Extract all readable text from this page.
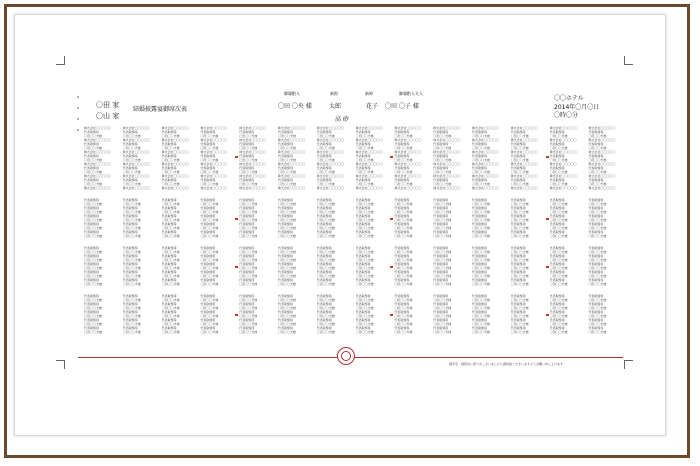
〇田 家
〇山 家
結婚披露宴御席次表
御媒酌人	新郎	新婦	御媒酌人夫人
〇田 〇央 様	太郎	花子 〇田 〇子 様
高 砂
〇〇ホテル
2014年〇月〇日
〇時〇分
株式会社〇〇〇〇〇
代表取締役
〇田〇〇夫様
株式会社〇〇〇〇〇
代表取締役
〇田〇〇夫様
株式会社〇〇〇〇〇
代表取締役
〇田〇〇夫様
株式会社〇〇〇〇〇
代表取締役
〇田〇〇夫様
株式会社〇〇〇〇〇
代表取締役
〇田〇〇夫様
株式会社〇〇〇〇〇
株式会社〇〇〇〇〇
代表取締役
〇田〇〇夫様
株式会社〇〇〇〇〇
代表取締役
〇田〇〇夫様
株式会社〇〇〇〇〇
代表取締役
〇田〇〇夫様
株式会社〇〇〇〇〇
代表取締役
〇田〇〇夫様
株式会社〇〇〇〇〇
代表取締役
〇田〇〇夫様
株式会社〇〇〇〇〇
株式会社〇〇〇〇〇
代表取締役
〇田〇〇夫様
株式会社〇〇〇〇〇
代表取締役
〇田〇〇夫様
株式会社〇〇〇〇〇
代表取締役
〇田〇〇夫様
株式会社〇〇〇〇〇
代表取締役
〇田〇〇夫様
株式会社〇〇〇〇〇
代表取締役
〇田〇〇夫様
株式会社〇〇〇〇〇
株式会社〇〇〇〇〇
代表取締役
〇田〇〇夫様
株式会社〇〇〇〇〇
代表取締役
〇田〇〇夫様
株式会社〇〇〇〇〇
代表取締役
〇田〇〇夫様
株式会社〇〇〇〇〇
代表取締役
〇田〇〇夫様
株式会社〇〇〇〇〇
代表取締役
〇田〇〇夫様
株式会社〇〇〇〇〇
株式会社〇〇〇〇〇
代表取締役
〇田〇〇夫様
株式会社〇〇〇〇〇
代表取締役
〇田〇〇夫様
株式会社〇〇〇〇〇
代表取締役
〇田〇〇夫様
株式会社〇〇〇〇〇
代表取締役
〇田〇〇夫様
株式会社〇〇〇〇〇
代表取締役
〇田〇〇夫様
株式会社〇〇〇〇〇
株式会社〇〇〇〇〇
代表取締役
〇田〇〇夫様
株式会社〇〇〇〇〇
代表取締役
〇田〇〇夫様
株式会社〇〇〇〇〇
代表取締役
〇田〇〇夫様
株式会社〇〇〇〇〇
代表取締役
〇田〇〇夫様
株式会社〇〇〇〇〇
代表取締役
〇田〇〇夫様
株式会社〇〇〇〇〇
株式会社〇〇〇〇〇
代表取締役
〇田〇〇夫様
株式会社〇〇〇〇〇
代表取締役
〇田〇〇夫様
株式会社〇〇〇〇〇
代表取締役
〇田〇〇夫様
株式会社〇〇〇〇〇
代表取締役
〇田〇〇夫様
株式会社〇〇〇〇〇
代表取締役
〇田〇〇夫様
株式会社〇〇〇〇〇
株式会社〇〇〇〇〇
代表取締役
〇田〇〇夫様
株式会社〇〇〇〇〇
代表取締役
〇田〇〇夫様
株式会社〇〇〇〇〇
代表取締役
〇田〇〇夫様
株式会社〇〇〇〇〇
代表取締役
〇田〇〇夫様
株式会社〇〇〇〇〇
代表取締役
〇田〇〇夫様
株式会社〇〇〇〇〇
株式会社〇〇〇〇〇
代表取締役
〇田〇〇夫様
株式会社〇〇〇〇〇
代表取締役
〇田〇〇夫様
株式会社〇〇〇〇〇
代表取締役
〇田〇〇夫様
株式会社〇〇〇〇〇
代表取締役
〇田〇〇夫様
株式会社〇〇〇〇〇
代表取締役
〇田〇〇夫様
株式会社〇〇〇〇〇
株式会社〇〇〇〇〇
代表取締役
〇田〇〇夫様
株式会社〇〇〇〇〇
代表取締役
〇田〇〇夫様
株式会社〇〇〇〇〇
代表取締役
〇田〇〇夫様
株式会社〇〇〇〇〇
代表取締役
〇田〇〇夫様
株式会社〇〇〇〇〇
代表取締役
〇田〇〇夫様
株式会社〇〇〇〇〇
株式会社〇〇〇〇〇
代表取締役
〇田〇〇夫様
株式会社〇〇〇〇〇
代表取締役
〇田〇〇夫様
株式会社〇〇〇〇〇
代表取締役
〇田〇〇夫様
株式会社〇〇〇〇〇
代表取締役
〇田〇〇夫様
株式会社〇〇〇〇〇
代表取締役
〇田〇〇夫様
株式会社〇〇〇〇〇
株式会社〇〇〇〇〇
代表取締役
〇田〇〇夫様
株式会社〇〇〇〇〇
代表取締役
〇田〇〇夫様
株式会社〇〇〇〇〇
代表取締役
〇田〇〇夫様
株式会社〇〇〇〇〇
代表取締役
〇田〇〇夫様
株式会社〇〇〇〇〇
代表取締役
〇田〇〇夫様
株式会社〇〇〇〇〇
株式会社〇〇〇〇〇
代表取締役
〇田〇〇夫様
株式会社〇〇〇〇〇
代表取締役
〇田〇〇夫様
株式会社〇〇〇〇〇
代表取締役
〇田〇〇夫様
株式会社〇〇〇〇〇
代表取締役
〇田〇〇夫様
株式会社〇〇〇〇〇
代表取締役
〇田〇〇夫様
株式会社〇〇〇〇〇
株式会社〇〇〇〇〇
代表取締役
〇田〇〇夫様
株式会社〇〇〇〇〇
代表取締役
〇田〇〇夫様
株式会社〇〇〇〇〇
代表取締役
〇田〇〇夫様
株式会社〇〇〇〇〇
代表取締役
〇田〇〇夫様
株式会社〇〇〇〇〇
代表取締役
〇田〇〇夫様
株式会社〇〇〇〇〇
代表取締役
〇田〇〇夫様
代表取締役
〇田〇〇夫様
代表取締役
〇田〇〇夫様
代表取締役
〇田〇〇夫様
代表取締役
〇田〇〇夫様
代表取締役
〇田〇〇夫様
代表取締役
〇田〇〇夫様
代表取締役
〇田〇〇夫様
代表取締役
〇田〇〇夫様
代表取締役
〇田〇〇夫様
代表取締役
〇田〇〇夫様
代表取締役
〇田〇〇夫様
代表取締役
〇田〇〇夫様
代表取締役
〇田〇〇夫様
代表取締役
〇田〇〇夫様
代表取締役
〇田〇〇夫様
代表取締役
〇田〇〇夫様
代表取締役
〇田〇〇夫様
代表取締役
〇田〇〇夫様
代表取締役
〇田〇〇夫様
代表取締役
〇田〇〇夫様
代表取締役
〇田〇〇夫様
代表取締役
〇田〇〇夫様
代表取締役
〇田〇〇夫様
代表取締役
〇田〇〇夫様
代表取締役
〇田〇〇夫様
代表取締役
〇田〇〇夫様
代表取締役
〇田〇〇夫様
代表取締役
〇田〇〇夫様
代表取締役
〇田〇〇夫様
代表取締役
〇田〇〇夫様
代表取締役
〇田〇〇夫様
代表取締役
〇田〇〇夫様
代表取締役
〇田〇〇夫様
代表取締役
〇田〇〇夫様
代表取締役
〇田〇〇夫様
代表取締役
〇田〇〇夫様
代表取締役
〇田〇〇夫様
代表取締役
〇田〇〇夫様
代表取締役
〇田〇〇夫様
代表取締役
〇田〇〇夫様
代表取締役
〇田〇〇夫様
代表取締役
〇田〇〇夫様
代表取締役
〇田〇〇夫様
代表取締役
〇田〇〇夫様
代表取締役
〇田〇〇夫様
代表取締役
〇田〇〇夫様
代表取締役
〇田〇〇夫様
代表取締役
〇田〇〇夫様
代表取締役
〇田〇〇夫様
代表取締役
〇田〇〇夫様
代表取締役
〇田〇〇夫様
代表取締役
〇田〇〇夫様
代表取締役
〇田〇〇夫様
代表取締役
〇田〇〇夫様
代表取締役
〇田〇〇夫様
代表取締役
〇田〇〇夫様
代表取締役
〇田〇〇夫様
代表取締役
〇田〇〇夫様
代表取締役
〇田〇〇夫様
代表取締役
〇田〇〇夫様
代表取締役
〇田〇〇夫様
代表取締役
〇田〇〇夫様
代表取締役
〇田〇〇夫様
代表取締役
〇田〇〇夫様
代表取締役
〇田〇〇夫様
代表取締役
〇田〇〇夫様
代表取締役
〇田〇〇夫様
代表取締役
〇田〇〇夫様
代表取締役
〇田〇〇夫様
代表取締役
〇田〇〇夫様
代表取締役
〇田〇〇夫様
代表取締役
〇田〇〇夫様
代表取締役
〇田〇〇夫様
代表取締役
〇田〇〇夫様
代表取締役
〇田〇〇夫様
代表取締役
〇田〇〇夫様
代表取締役
〇田〇〇夫様
代表取締役
〇田〇〇夫様
代表取締役
〇田〇〇夫様
代表取締役
〇田〇〇夫様
代表取締役
〇田〇〇夫様
代表取締役
〇田〇〇夫様
代表取締役
〇田〇〇夫様
代表取締役
〇田〇〇夫様
代表取締役
〇田〇〇夫様
代表取締役
〇田〇〇夫様
代表取締役
〇田〇〇夫様
代表取締役
〇田〇〇夫様
代表取締役
〇田〇〇夫様
代表取締役
〇田〇〇夫様
代表取締役
〇田〇〇夫様
代表取締役
〇田〇〇夫様
代表取締役
〇田〇〇夫様
代表取締役
〇田〇〇夫様
代表取締役
〇田〇〇夫様
代表取締役
〇田〇〇夫様
代表取締役
〇田〇〇夫様
代表取締役
〇田〇〇夫様
代表取締役
〇田〇〇夫様
代表取締役
〇田〇〇夫様
代表取締役
〇田〇〇夫様
代表取締役
〇田〇〇夫様
代表取締役
〇田〇〇夫様
代表取締役
〇田〇〇夫様
代表取締役
〇田〇〇夫様
代表取締役
〇田〇〇夫様
代表取締役
〇田〇〇夫様
代表取締役
〇田〇〇夫様
代表取締役
〇田〇〇夫様
代表取締役
〇田〇〇夫様
代表取締役
〇田〇〇夫様
代表取締役
〇田〇〇夫様
代表取締役
〇田〇〇夫様
代表取締役
〇田〇〇夫様
代表取締役
〇田〇〇夫様
代表取締役
〇田〇〇夫様
代表取締役
〇田〇〇夫様
代表取締役
〇田〇〇夫様
代表取締役
〇田〇〇夫様
代表取締役
〇田〇〇夫様
代表取締役
〇田〇〇夫様
代表取締役
〇田〇〇夫様
代表取締役
〇田〇〇夫様
代表取締役
〇田〇〇夫様
代表取締役
〇田〇〇夫様
代表取締役
〇田〇〇夫様
代表取締役
〇田〇〇夫様
代表取締役
〇田〇〇夫様
代表取締役
〇田〇〇夫様
代表取締役
〇田〇〇夫様
代表取締役
〇田〇〇夫様
代表取締役
〇田〇〇夫様
代表取締役
〇田〇〇夫様
代表取締役
〇田〇〇夫様
代表取締役
〇田〇〇夫様
代表取締役
〇田〇〇夫様
代表取締役
〇田〇〇夫様
代表取締役
〇田〇〇夫様
代表取締役
〇田〇〇夫様
代表取締役
〇田〇〇夫様
代表取締役
〇田〇〇夫様
代表取締役
〇田〇〇夫様
代表取締役
〇田〇〇夫様
代表取締役
〇田〇〇夫様
代表取締役
〇田〇〇夫様
代表取締役
〇田〇〇夫様
代表取締役
〇田〇〇夫様
代表取締役
〇田〇〇夫様
代表取締役
〇田〇〇夫様
代表取締役
〇田〇〇夫様
代表取締役
〇田〇〇夫様
代表取締役
〇田〇〇夫様
代表取締役
〇田〇〇夫様
代表取締役
〇田〇〇夫様
代表取締役
〇田〇〇夫様
代表取締役
〇田〇〇夫様
代表取締役
〇田〇〇夫様
代表取締役
〇田〇〇夫様
代表取締役
〇田〇〇夫様
代表取締役
〇田〇〇夫様
代表取締役
〇田〇〇夫様
代表取締役
〇田〇〇夫様
代表取締役
〇田〇〇夫様
代表取締役
〇田〇〇夫様
代表取締役
〇田〇〇夫様
代表取締役
〇田〇〇夫様
代表取締役
〇田〇〇夫様
代表取締役
〇田〇〇夫様
代表取締役
〇田〇〇夫様
代表取締役
〇田〇〇夫様
代表取締役
〇田〇〇夫様
代表取締役
〇田〇〇夫様
代表取締役
〇田〇〇夫様
代表取締役
〇田〇〇夫様
代表取締役
〇田〇〇夫様
代表取締役
〇田〇〇夫様
代表取締役
〇田〇〇夫様
代表取締役
〇田〇〇夫様
代表取締役
〇田〇〇夫様
代表取締役
〇田〇〇夫様
代表取締役
〇田〇〇夫様
代表取締役
〇田〇〇夫様
代表取締役
〇田〇〇夫様
代表取締役
〇田〇〇夫様
代表取締役
〇田〇〇夫様
代表取締役
〇田〇〇夫様
代表取締役
〇田〇〇夫様
代表取締役
〇田〇〇夫様
代表取締役
〇田〇〇夫様
代表取締役
〇田〇〇夫様
代表取締役
〇田〇〇夫様
代表取締役
〇田〇〇夫様
代表取締役
〇田〇〇夫様
代表取締役
〇田〇〇夫様
代表取締役
〇田〇〇夫様
代表取締役
〇田〇〇夫様
代表取締役
〇田〇〇夫様
代表取締役
〇田〇〇夫様
代表取締役
〇田〇〇夫様
代表取締役
〇田〇〇夫様
代表取締役
〇田〇〇夫様
代表取締役
〇田〇〇夫様
代表取締役
〇田〇〇夫様
代表取締役
〇田〇〇夫様
代表取締役
〇田〇〇夫様
代表取締役
〇田〇〇夫様
代表取締役
〇田〇〇夫様
代表取締役
〇田〇〇夫様
代表取締役
〇田〇〇夫様
御芳名・御席次に誤りがございましたら御容赦くださいますようお願い申し上げます
